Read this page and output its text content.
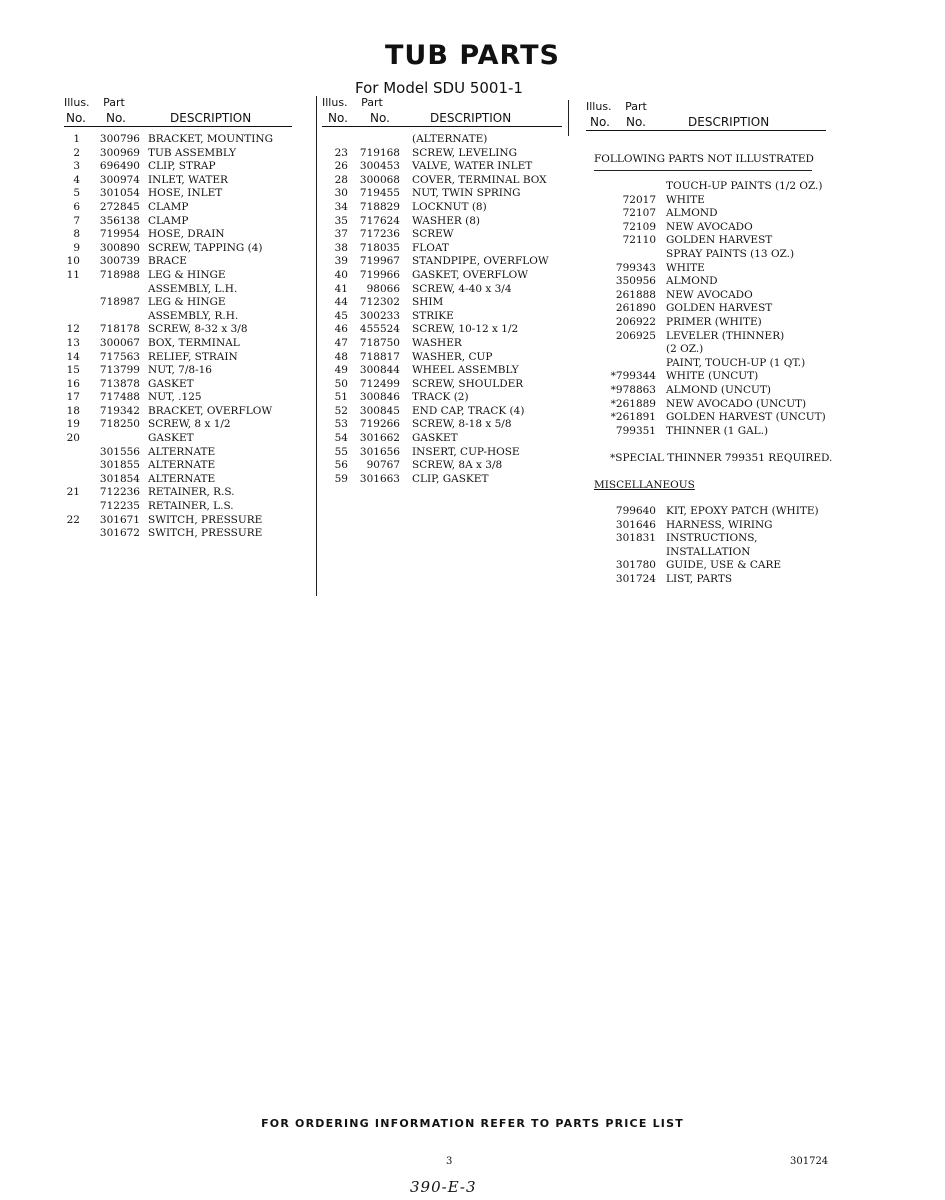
TUB PARTS
For Model SDU 5001-1
Illus. Part
No. No.	DESCRIPTION
1	300796 BRACKET, MOUNTING
2	300969 TUB ASSEMBLY
3	696490 CLIP, STRAP
4	300974 INLET, WATER
5	301054 HOSE, INLET
6	272845 CLAMP
7	356138 CLAMP
8	719954 HOSE, DRAIN
9	300890 SCREW, TAPPING (4)
10	300739 BRACE
11	718988 LEG & HINGE
ASSEMBLY, L.H.
718987 LEG & HINGE
ASSEMBLY, R.H.
12	718178 SCREW, 8-32 x 3/8
13	300067 BOX, TERMINAL
14	717563 RELIEF, STRAIN
15	713799 NUT, 7/8-16
16	713878 GASKET
17	717488 NUT, .125
18	719342 BRACKET, OVERFLOW
19	718250 SCREW, 8 x 1/2
20	GASKET
301556 ALTERNATE
301855 ALTERNATE
301854 ALTERNATE
21	712236 RETAINER, R.S.
712235 RETAINER, L.S.
22	301671 SWITCH, PRESSURE
301672 SWITCH, PRESSURE
Illus. Part
No. No.	DESCRIPTION
(ALTERNATE)
23	719168 SCREW, LEVELING
26	300453 VALVE, WATER INLET
28	300068 COVER, TERMINAL BOX
30	719455 NUT, TWIN SPRING
34	718829 LOCKNUT (8)
35	717624 WASHER (8)
37	717236 SCREW
38	718035 FLOAT
39	719967 STANDPIPE, OVERFLOW
40	719966 GASKET, OVERFLOW
41	98066 SCREW, 4-40 x 3/4
44	712302 SHIM
45	300233 STRIKE
46	455524 SCREW, 10-12 x 1/2
47	718750 WASHER
48	718817 WASHER, CUP
49	300844 WHEEL ASSEMBLY
50	712499 SCREW, SHOULDER
51	300846 TRACK (2)
52	300845 END CAP, TRACK (4)
53	719266 SCREW, 8-18 x 5/8
54	301662 GASKET
55	301656 INSERT, CUP-HOSE
56	90767 SCREW, 8A x 3/8
59	301663 CLIP, GASKET
Illus. Part
No. No.	DESCRIPTION
FOLLOWING PARTS NOT ILLUSTRATED
TOUCH-UP PAINTS (1/2 OZ.)
72017 WHITE
72107 ALMOND
72109 NEW AVOCADO
72110 GOLDEN HARVEST
SPRAY PAINTS (13 OZ.)
799343 WHITE
350956 ALMOND
261888 NEW AVOCADO
261890 GOLDEN HARVEST
206922 PRIMER (WHITE)
206925 LEVELER (THINNER)
(2 OZ.)
PAINT, TOUCH-UP (1 QT.)
*799344 WHITE (UNCUT)
*978863 ALMOND (UNCUT)
*261889 NEW AVOCADO (UNCUT)
*261891 GOLDEN HARVEST (UNCUT)
799351 THINNER (1 GAL.)
*SPECIAL THINNER 799351 REQUIRED.
MISCELLANEOUS
799640 KIT, EPOXY PATCH (WHITE)
301646 HARNESS, WIRING
301831 INSTRUCTIONS,
INSTALLATION
301780 GUIDE, USE & CARE
301724 LIST, PARTS
FOR ORDERING INFORMATION REFER TO PARTS PRICE LIST
3	301724
390-E-3
